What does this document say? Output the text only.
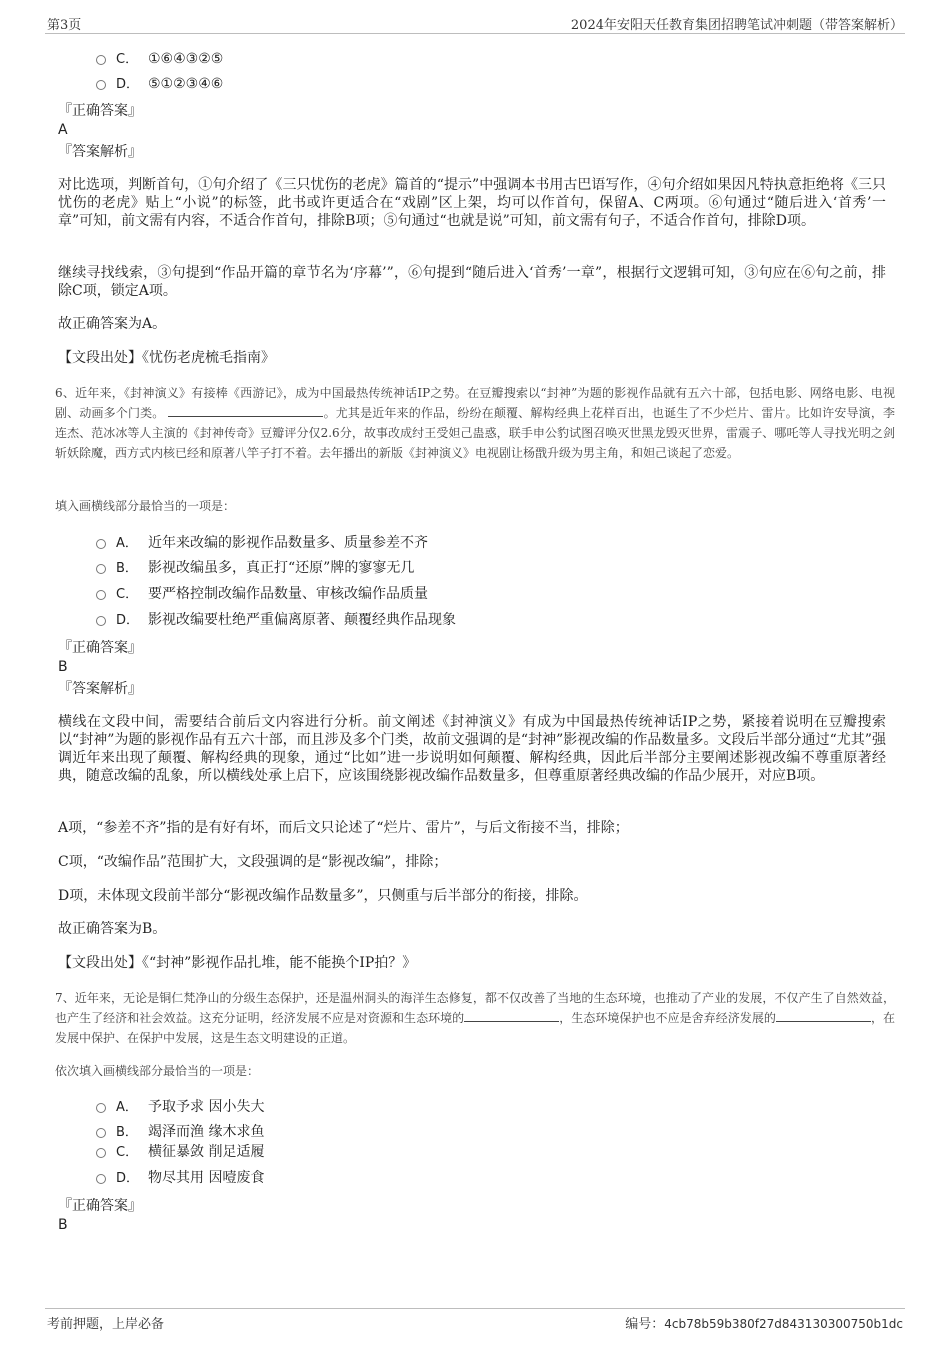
第3页	2024年安阳天任教育集团招聘笔试冲刺题（带答案解析）
C． ①⑥④③②⑤
D． ⑤①②③④⑥
『正确答案』
A
『答案解析』

对比选项，判断首句，①句介绍了《三只忧伤的老虎》篇首的“提示”中强调本书用古巴语写作，④句介绍如果因凡特执意拒绝将《三只忧伤的老虎》贴上“小说”的标签，此书或许更适合在“戏剧”区上架，均可以作首句，保留A、C两项。⑥句通过“随后进入‘首秀’一章”可知，前文需有内容，不适合作首句，排除B项；⑤句通过“也就是说”可知，前文需有句子，不适合作首句，排除D项。

继续寻找线索，③句提到“作品开篇的章节名为‘序幕’”，⑥句提到“随后进入‘首秀’一章”，根据行文逻辑可知，③句应在⑥句之前，排除C项，锁定A项。

故正确答案为A。

【文段出处】《忧伤老虎梳毛指南》

6、近年来，《封神演义》有接棒《西游记》，成为中国最热传统神话IP之势。在豆瓣搜索以“封神”为题的影视作品就有五六十部，包括电影、网络电影、电视剧、动画多个门类。	。尤其是近年来的作品，纷纷在颠覆、解构经典上花样百出，也诞生了不少烂片、雷片。比如许安导演，李连杰、范冰冰等人主演的《封神传奇》豆瓣评分仅2.6分，故事改成纣王受妲己蛊惑，联手申公豹试图召唤灭世黑龙毁灭世界，雷震子、哪吒等人寻找光明之剑斩妖除魔，西方式内核已经和原著八竿子打不着。去年播出的新版《封神演义》电视剧让杨戬升级为男主角，和妲己谈起了恋爱。

填入画横线部分最恰当的一项是：
A． 近年来改编的影视作品数量多、质量参差不齐
B． 影视改编虽多，真正打“还原”牌的寥寥无几
C． 要严格控制改编作品数量、审核改编作品质量
D． 影视改编要杜绝严重偏离原著、颠覆经典作品现象
『正确答案』
B
『答案解析』

横线在文段中间，需要结合前后文内容进行分析。前文阐述《封神演义》有成为中国最热传统神话IP之势，紧接着说明在豆瓣搜索以“封神”为题的影视作品有五六十部，而且涉及多个门类，故前文强调的是“封神”影视改编的作品数量多。文段后半部分通过“尤其”强调近年来出现了颠覆、解构经典的现象，通过“比如”进一步说明如何颠覆、解构经典，因此后半部分主要阐述影视改编不尊重原著经典，随意改编的乱象，所以横线处承上启下，应该围绕影视改编作品数量多，但尊重原著经典改编的作品少展开，对应B项。

A项，“参差不齐”指的是有好有坏，而后文只论述了“烂片、雷片”，与后文衔接不当，排除；

C项，“改编作品”范围扩大，文段强调的是“影视改编”，排除；

D项，未体现文段前半部分“影视改编作品数量多”，只侧重与后半部分的衔接，排除。

故正确答案为B。

【文段出处】《“封神”影视作品扎堆，能不能换个IP拍？》

7、近年来，无论是铜仁梵净山的分级生态保护，还是温州洞头的海洋生态修复，都不仅改善了当地的生态环境，也推动了产业的发展，不仅产生了自然效益，也产生了经济和社会效益。这充分证明，经济发展不应是对资源和生态环境的	，生态环境保护也不应是舍弃经济发展的	，在发展中保护、在保护中发展，这是生态文明建设的正道。

依次填入画横线部分最恰当的一项是：
A． 予取予求 因小失大
B． 竭泽而渔 缘木求鱼
C． 横征暴敛 削足适履
D． 物尽其用 因噎废食
『正确答案』
B
考前押题，上岸必备	编号：4cb78b59b380f27d843130300750b1dc
